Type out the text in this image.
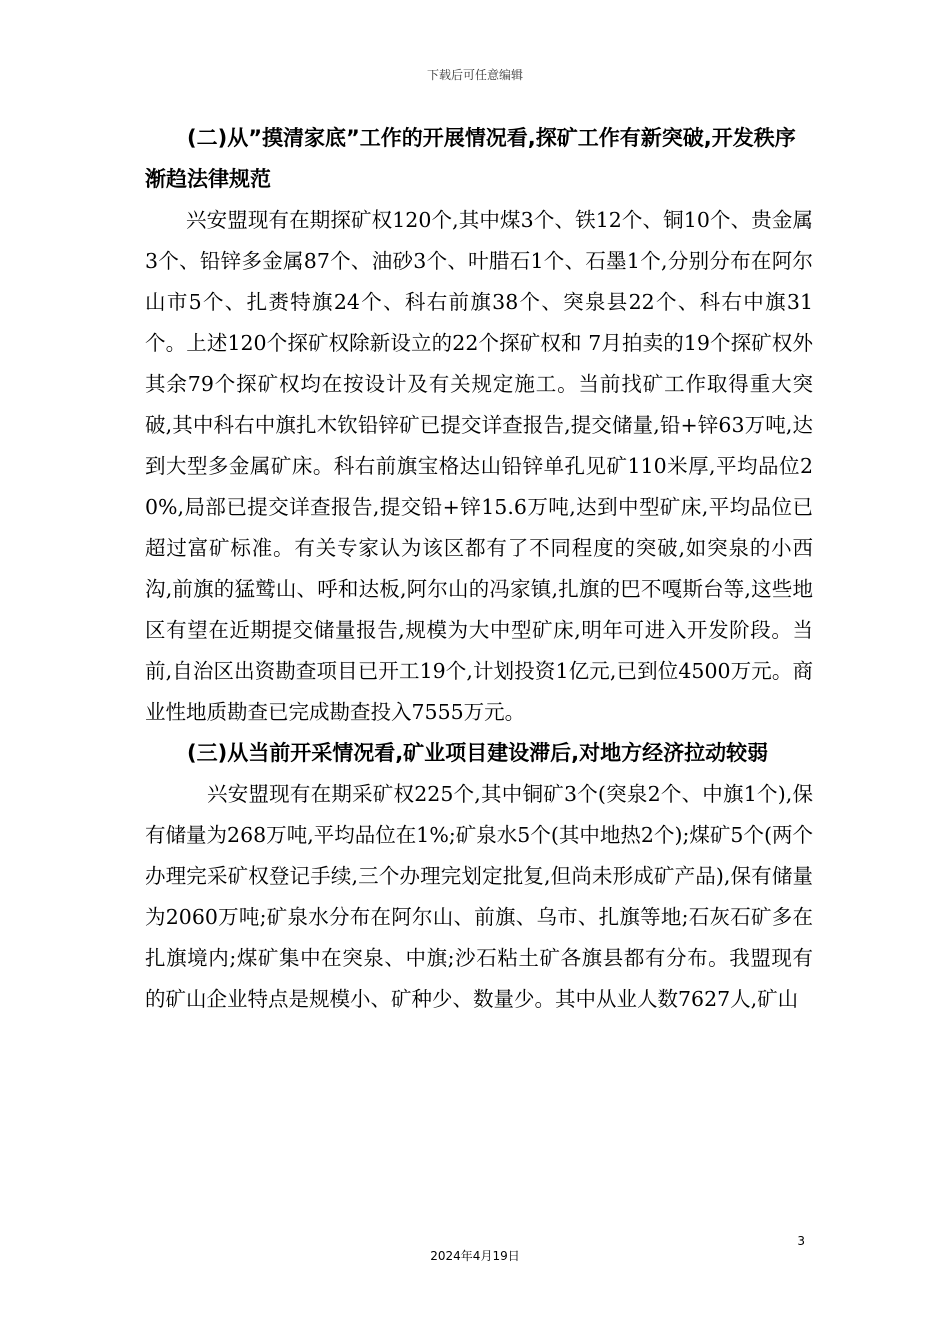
下载后可任意编辑

(二)从”摸清家底”工作的开展情况看,探矿工作有新突破,开发秩序渐趋法律规范

兴安盟现有在期探矿权120个,其中煤3个、铁12个、铜10个、贵金属3个、铅锌多金属87个、油砂3个、叶腊石1个、石墨1个,分别分布在阿尔山市5个、扎赉特旗24个、科右前旗38个、突泉县22个、科右中旗31个。上述120个探矿权除新设立的22个探矿权和 7月拍卖的19个探矿权外其余79个探矿权均在按设计及有关规定施工。当前找矿工作取得重大突破,其中科右中旗扎木钦铅锌矿已提交详查报告,提交储量,铅+锌63万吨,达到大型多金属矿床。科右前旗宝格达山铅锌单孔见矿110米厚,平均品位20%,局部已提交详查报告,提交铅+锌15.6万吨,达到中型矿床,平均品位已超过富矿标准。有关专家认为该区都有了不同程度的突破,如突泉的小西沟,前旗的猛鹫山、呼和达板,阿尔山的冯家镇,扎旗的巴不嘎斯台等,这些地区有望在近期提交储量报告,规模为大中型矿床,明年可进入开发阶段。当前,自治区出资勘查项目已开工19个,计划投资1亿元,已到位4500万元。商业性地质勘查已完成勘查投入7555万元。

(三)从当前开采情况看,矿业项目建设滞后,对地方经济拉动较弱

兴安盟现有在期采矿权225个,其中铜矿3个(突泉2个、中旗1个),保有储量为268万吨,平均品位在1%;矿泉水5个(其中地热2个);煤矿5个(两个办理完采矿权登记手续,三个办理完划定批复,但尚未形成矿产品),保有储量为2060万吨;矿泉水分布在阿尔山、前旗、乌市、扎旗等地;石灰石矿多在扎旗境内;煤矿集中在突泉、中旗;沙石粘土矿各旗县都有分布。我盟现有的矿山企业特点是规模小、矿种少、数量少。其中从业人数7627人,矿山

3
2024年4月19日
